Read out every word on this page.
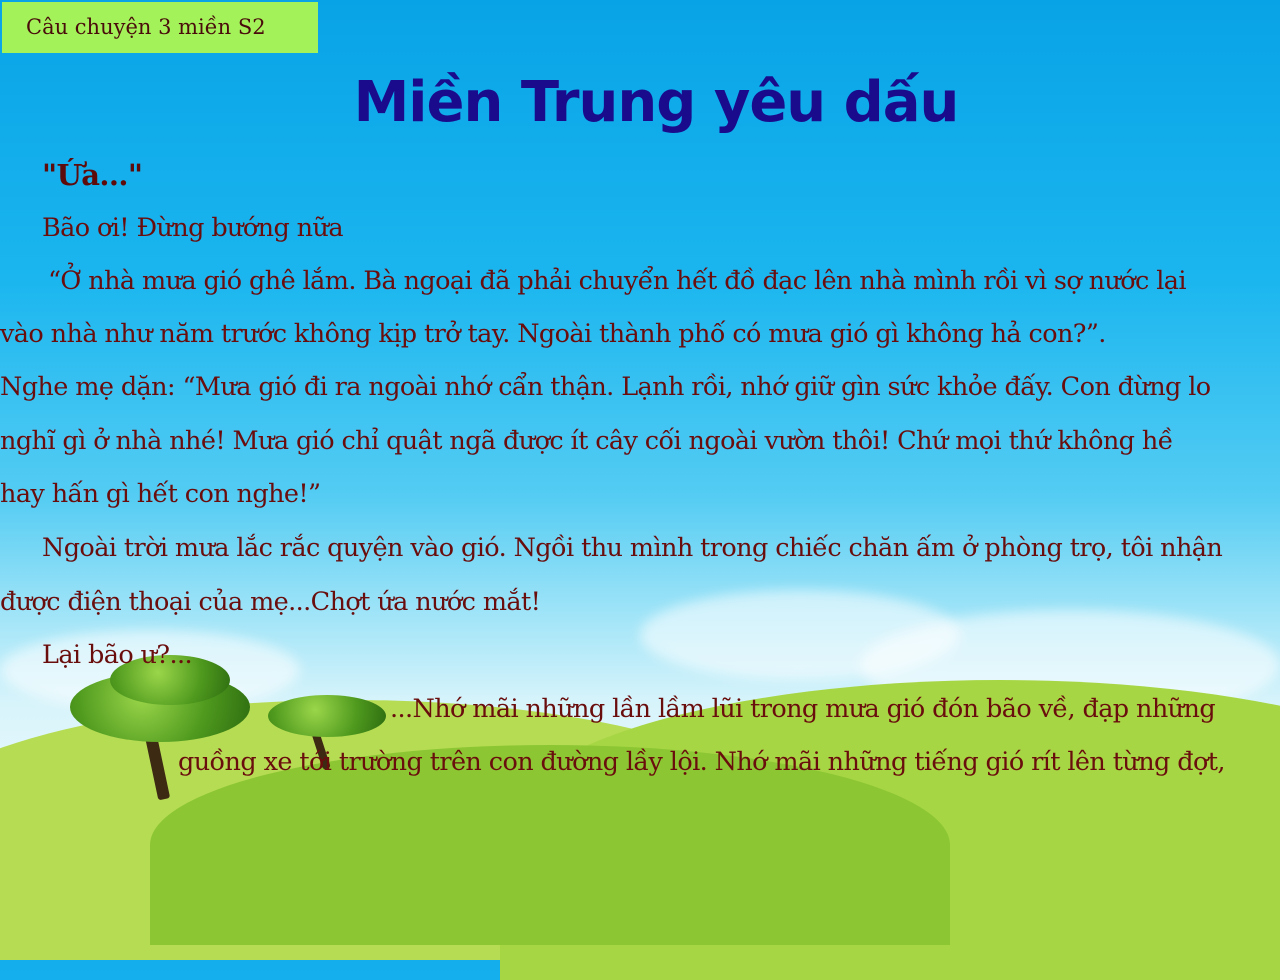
Câu chuyện 3 miền S2
Miền Trung yêu dấu
"Ứa..."
Bão ơi! Đừng bướng nữa
“Ở nhà mưa gió ghê lắm. Bà ngoại đã phải chuyển hết đồ đạc lên nhà mình rồi vì sợ nước lại
vào nhà như năm trước không kịp trở tay. Ngoài thành phố có mưa gió gì không hả con?”.
Nghe mẹ dặn: “Mưa gió đi ra ngoài nhớ cẩn thận. Lạnh rồi, nhớ giữ gìn sức khỏe đấy. Con đừng lo
nghĩ gì ở nhà nhé! Mưa gió chỉ quật ngã được ít cây cối ngoài vườn thôi! Chứ mọi thứ không hề
hay hấn gì hết con nghe!”
Ngoài trời mưa lắc rắc quyện vào gió. Ngồi thu mình trong chiếc chăn ấm ở phòng trọ, tôi nhận
được điện thoại của mẹ...Chợt ứa nước mắt!
Lại bão ư?...
...Nhớ mãi những lần lầm lũi trong mưa gió đón bão về, đạp những
guồng xe tới trường trên con đường lầy lội. Nhớ mãi những tiếng gió rít lên từng đợt,
